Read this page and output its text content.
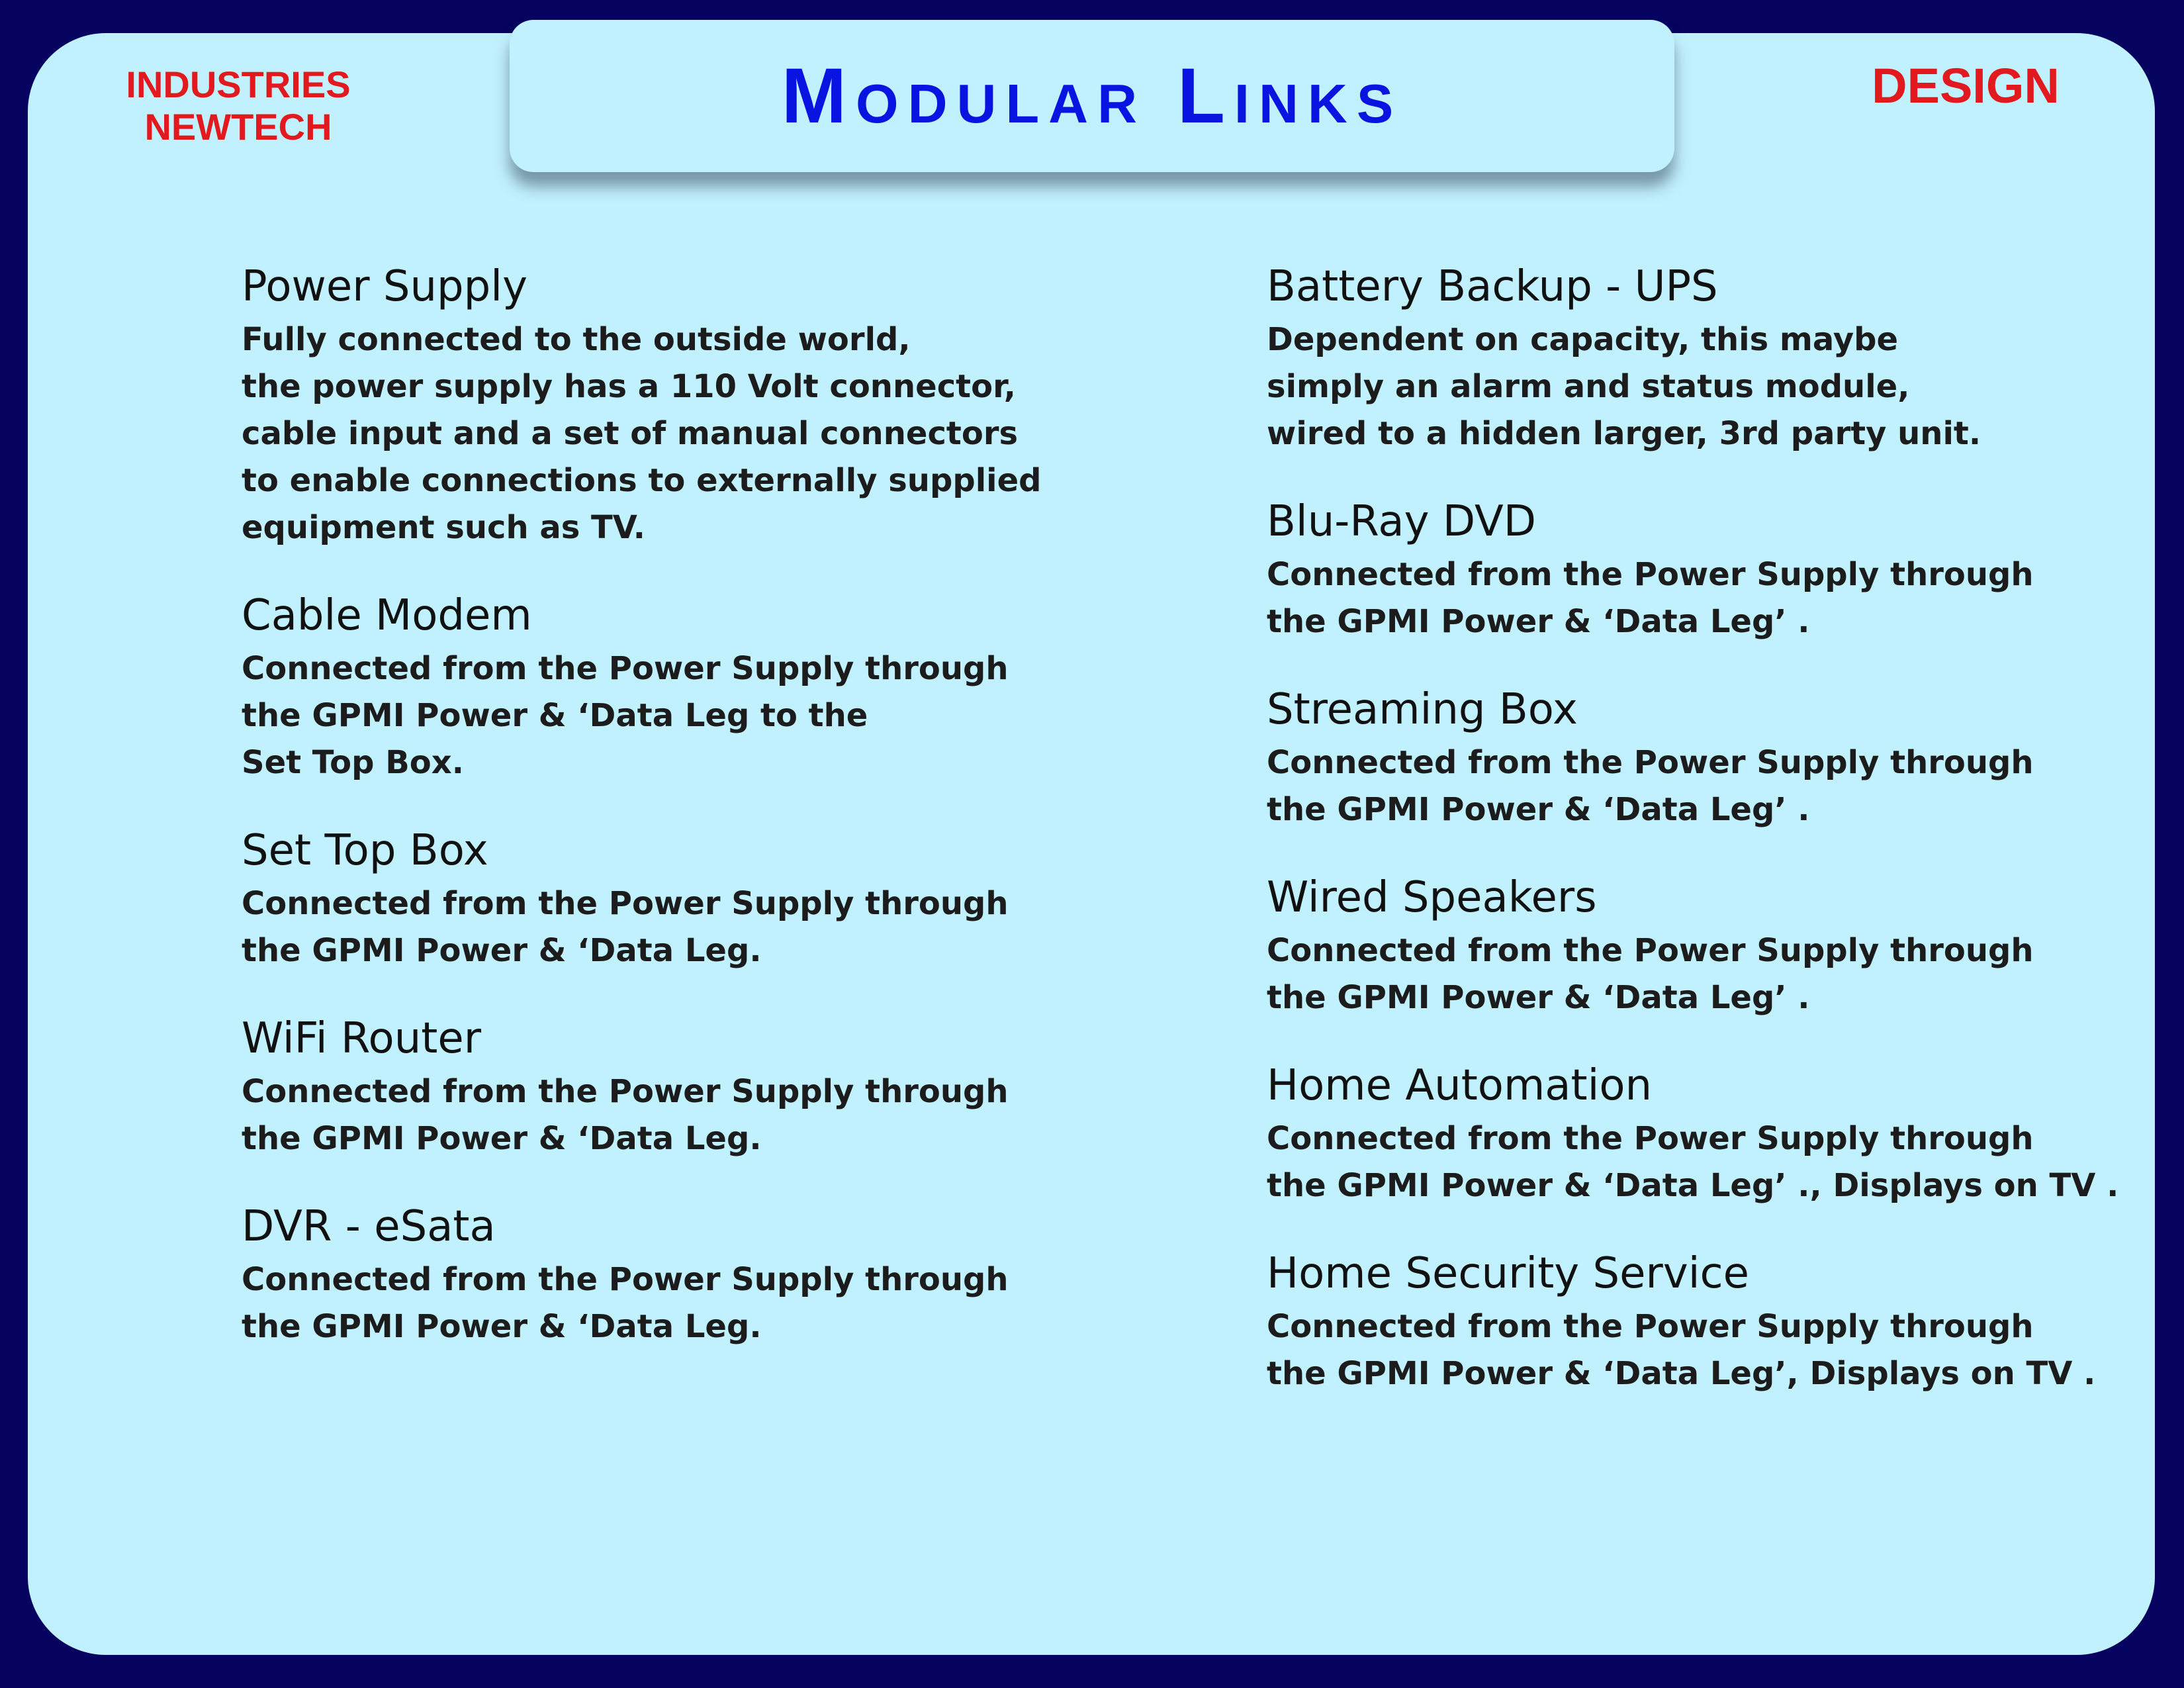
INDUSTRIES
NEWTECH
DESIGN
Modular Links
Power Supply
Fully connected to the outside world,
the power supply has a 110 Volt connector,
cable input and a set of manual connectors
to enable connections to externally supplied
equipment such as TV.
Cable Modem
Connected from the Power Supply through
the GPMI Power & ‘Data Leg to the
Set Top Box.
Set Top Box
Connected from the Power Supply through
the GPMI Power & ‘Data Leg.
WiFi Router
Connected from the Power Supply through
the GPMI Power & ‘Data Leg.
DVR - eSata
Connected from the Power Supply through
the GPMI Power & ‘Data Leg.
Battery Backup - UPS
Dependent on capacity, this maybe
simply an alarm and status module,
wired to a hidden larger, 3rd party unit.
Blu-Ray DVD
Connected from the Power Supply through
the GPMI Power & ‘Data Leg’ .
Streaming Box
Connected from the Power Supply through
the GPMI Power & ‘Data Leg’ .
Wired Speakers
Connected from the Power Supply through
the GPMI Power & ‘Data Leg’ .
Home Automation
Connected from the Power Supply through
the GPMI Power & ‘Data Leg’ ., Displays on TV .
Home Security Service
Connected from the Power Supply through
the GPMI Power & ‘Data Leg’, Displays on TV .
